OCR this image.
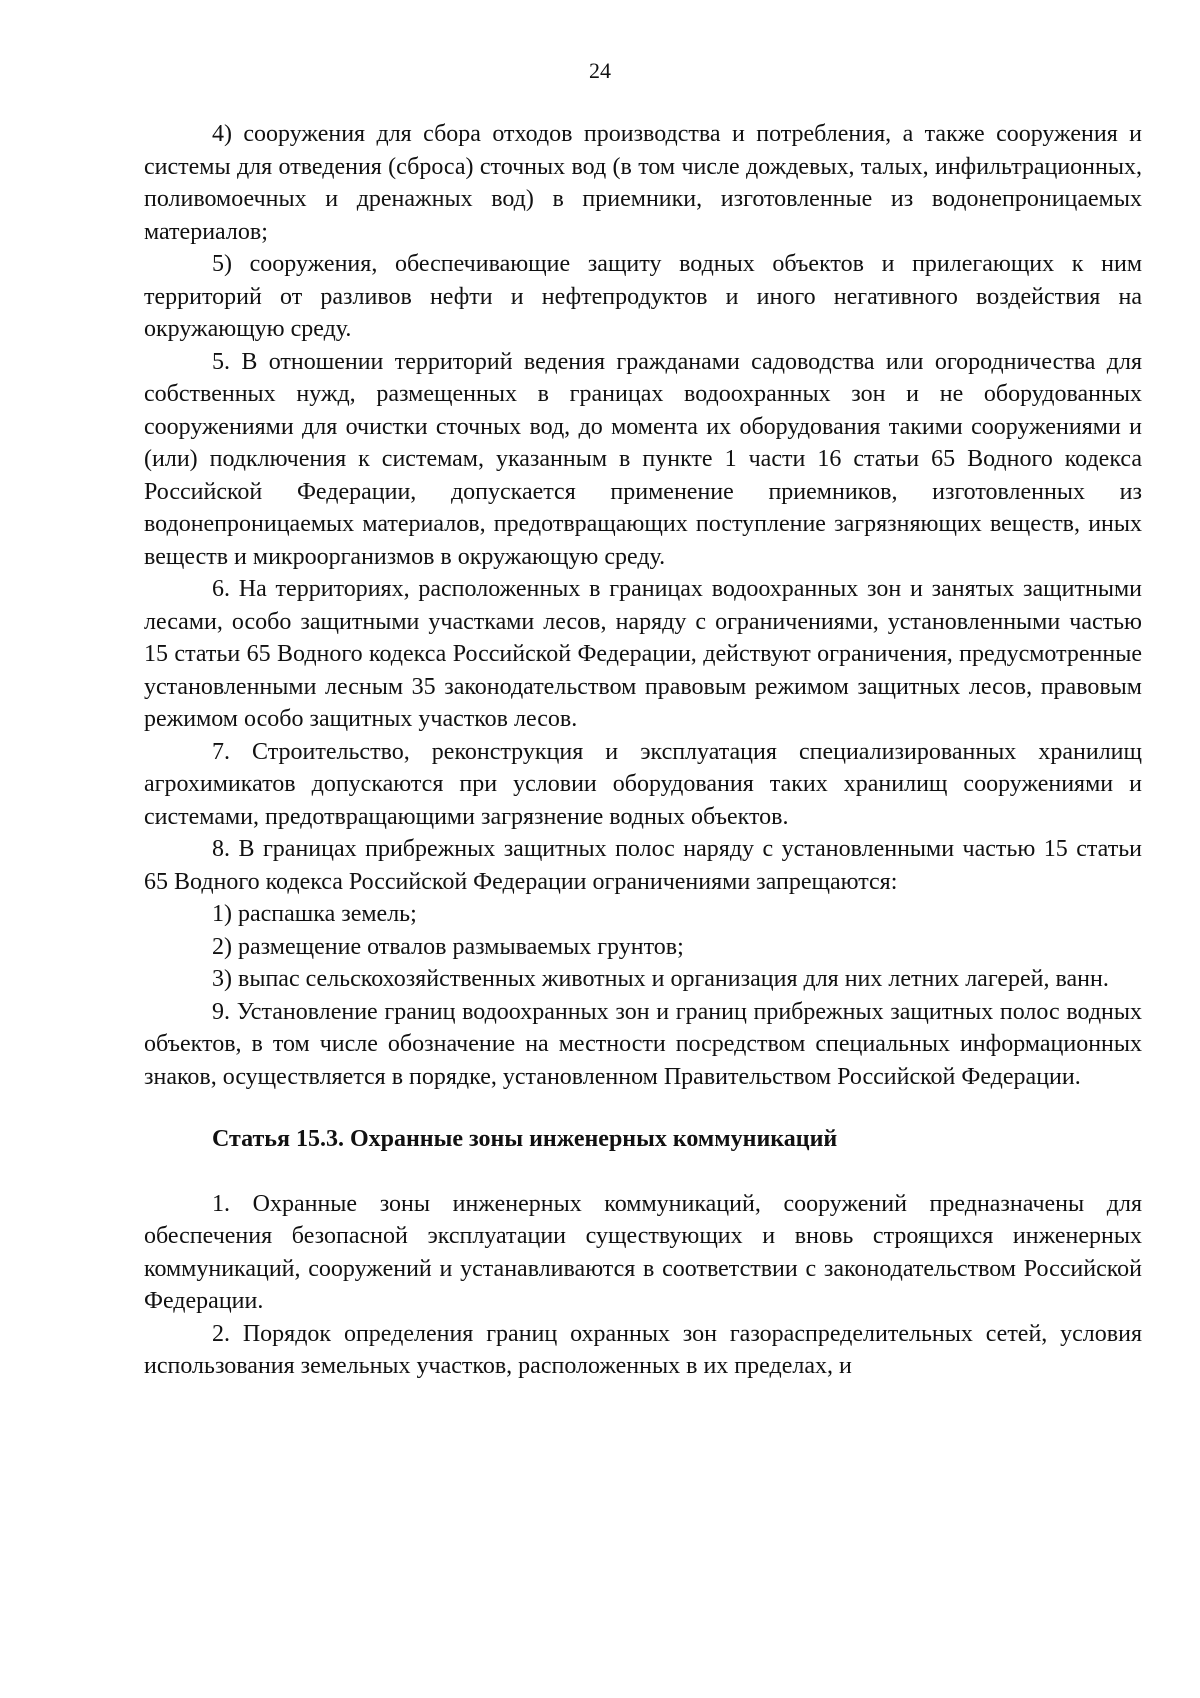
24

4) сооружения для сбора отходов производства и потребления, а также сооружения и системы для отведения (сброса) сточных вод (в том числе дождевых, талых, инфильтрационных, поливомоечных и дренажных вод) в приемники, изготовленные из водонепроницаемых материалов;

5) сооружения, обеспечивающие защиту водных объектов и прилегающих к ним территорий от разливов нефти и нефтепродуктов и иного негативного воздействия на окружающую среду.

5. В отношении территорий ведения гражданами садоводства или огородничества для собственных нужд, размещенных в границах водоохранных зон и не оборудованных сооружениями для очистки сточных вод, до момента их оборудования такими сооружениями и (или) подключения к системам, указанным в пункте 1 части 16 статьи 65 Водного кодекса Российской Федерации, допускается применение приемников, изготовленных из водонепроницаемых материалов, предотвращающих поступление загрязняющих веществ, иных веществ и микроорганизмов в окружающую среду.

6. На территориях, расположенных в границах водоохранных зон и занятых защитными лесами, особо защитными участками лесов, наряду с ограничениями, установленными частью 15 статьи 65 Водного кодекса Российской Федерации, действуют ограничения, предусмотренные установленными лесным 35 законодательством правовым режимом защитных лесов, правовым режимом особо защитных участков лесов.

7. Строительство, реконструкция и эксплуатация специализированных хранилищ агрохимикатов допускаются при условии оборудования таких хранилищ сооружениями и системами, предотвращающими загрязнение водных объектов.

8. В границах прибрежных защитных полос наряду с установленными частью 15 статьи 65 Водного кодекса Российской Федерации ограничениями запрещаются:

1) распашка земель;

2) размещение отвалов размываемых грунтов;

3) выпас сельскохозяйственных животных и организация для них летних лагерей, ванн.

9. Установление границ водоохранных зон и границ прибрежных защитных полос водных объектов, в том числе обозначение на местности посредством специальных информационных знаков, осуществляется в порядке, установленном Правительством Российской Федерации.

Статья 15.3. Охранные зоны инженерных коммуникаций

1. Охранные зоны инженерных коммуникаций, сооружений предназначены для обеспечения безопасной эксплуатации существующих и вновь строящихся инженерных коммуникаций, сооружений и устанавливаются в соответствии с законодательством Российской Федерации.

2. Порядок определения границ охранных зон газораспределительных сетей, условия использования земельных участков, расположенных в их пределах, и
